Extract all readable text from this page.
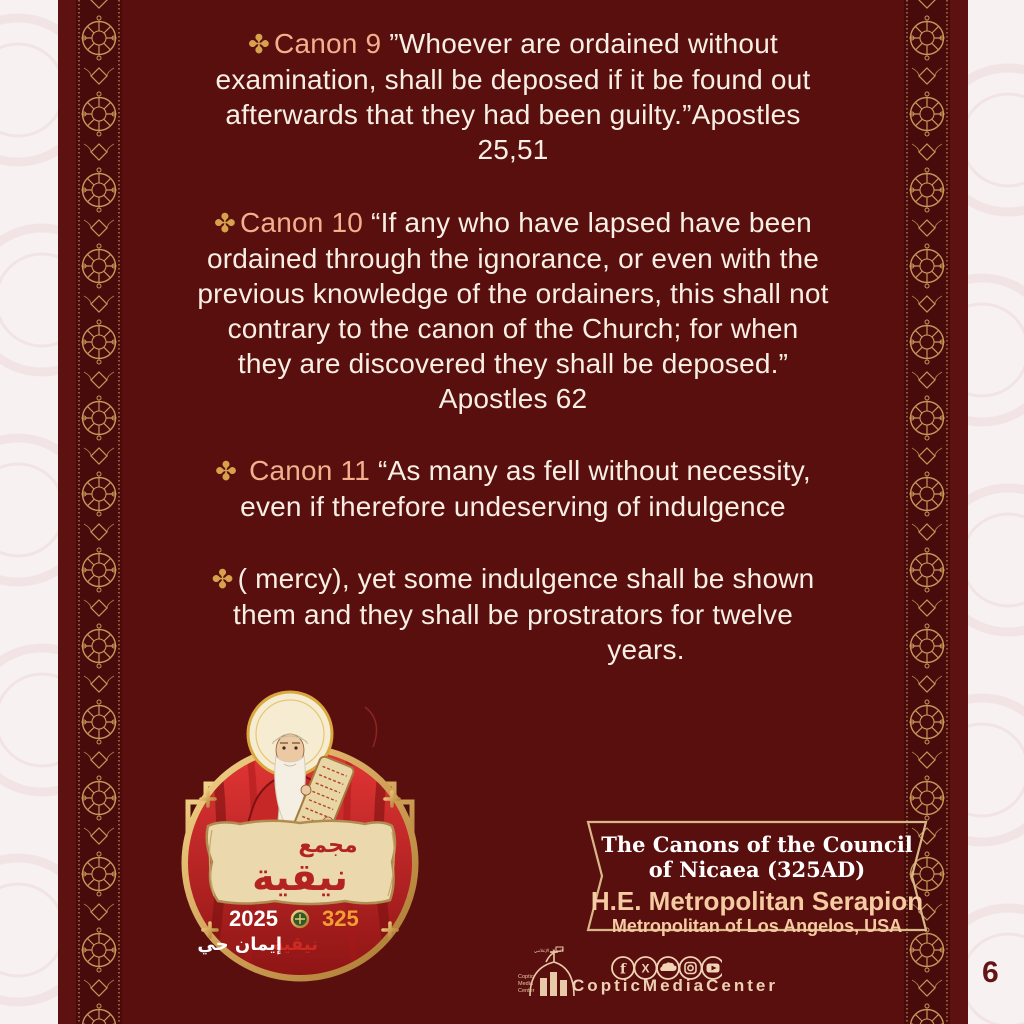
✤ Canon 9 ”Whoever are ordained without
examination, shall be deposed if it be found out
afterwards that they had been guilty.”Apostles
25,51
✤ Canon 10 “If any who have lapsed have been
ordained through the ignorance, or even with the
previous knowledge of the ordainers, this shall not
contrary to the canon of the Church; for when
they are discovered they shall be deposed.”
Apostles 62
✤ Canon 11 “As many as fell without necessity,
even if therefore undeserving of indulgence
✤ ( mercy), yet some indulgence shall be shown
them and they shall be prostrators for twelve
years.
مجمع
نيقية
2025 325
نيقية
إيمان حي
The Canons of the Council
of Nicaea (325AD)
H.E. Metropolitan Serapion
Metropolitan of Los Angelos, USA
Coptic
Media
Center
ﺍﻟﻤﺮﻛﺰ ﺍﻹﻋﻼﻣﻲ
f X
CopticMediaCenter	6
